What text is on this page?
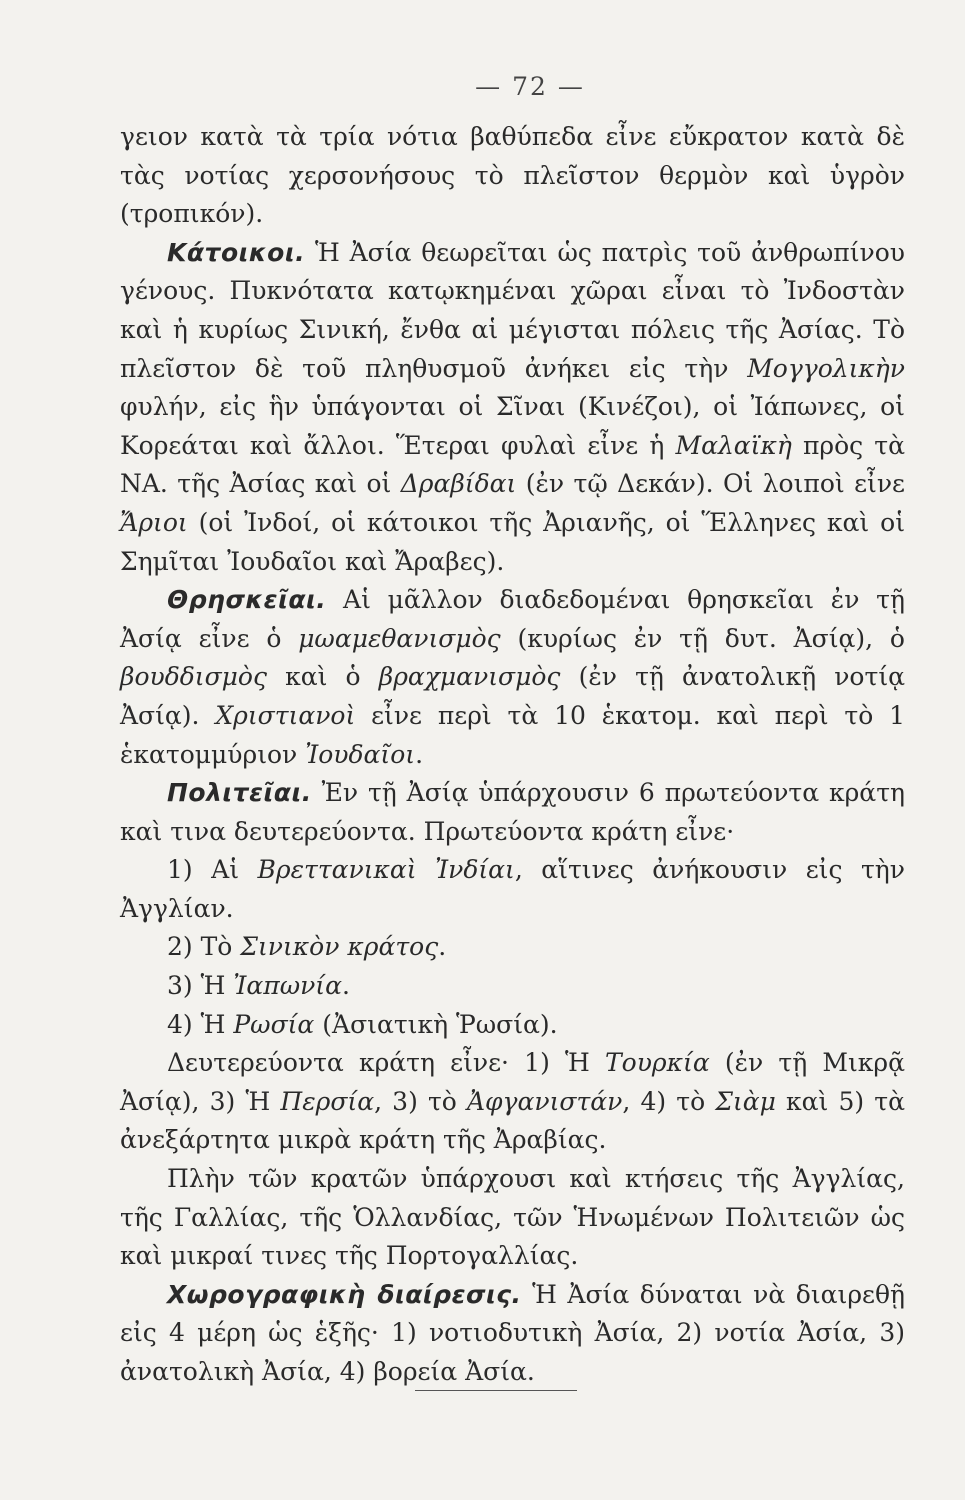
— 72 —

γειον κατὰ τὰ τρία νότια βαθύπεδα εἶνε εὔκρατον κατὰ δὲ τὰς νοτίας χερσονήσους τὸ πλεῖστον θερμὸν καὶ ὑγρὸν (τροπικόν).

Κάτοικοι. Ἡ Ἀσία θεωρεῖται ὡς πατρὶς τοῦ ἀνθρωπίνου γένους. Πυκνότατα κατῳκημέναι χῶραι εἶναι τὸ Ἰνδοστὰν καὶ ἡ κυρίως Σινική, ἔνθα αἱ μέγισται πόλεις τῆς Ἀσίας. Τὸ πλεῖστον δὲ τοῦ πληθυσμοῦ ἀνήκει εἰς τὴν Μογγολικὴν φυλήν, εἰς ἣν ὑπάγονται οἱ Σῖναι (Κινέζοι), οἱ Ἰάπωνες, οἱ Κορεάται καὶ ἄλλοι. Ἕτεραι φυλαὶ εἶνε ἡ Μαλαϊκὴ πρὸς τὰ ΝΑ. τῆς Ἀσίας καὶ οἱ Δραβίδαι (ἐν τῷ Δεκάν). Οἱ λοιποὶ εἶνε Ἄριοι (οἱ Ἰνδοί, οἱ κάτοικοι τῆς Ἀριανῆς, οἱ Ἕλληνες καὶ οἱ Σημῖται Ἰουδαῖοι καὶ Ἄραβες).

Θρησκεῖαι. Αἱ μᾶλλον διαδεδομέναι θρησκεῖαι ἐν τῇ Ἀσίᾳ εἶνε ὁ μωαμεθανισμὸς (κυρίως ἐν τῇ δυτ. Ἀσίᾳ), ὁ βουδδισμὸς καὶ ὁ βραχμανισμὸς (ἐν τῇ ἀνατολικῇ νοτίᾳ Ἀσίᾳ). Χριστιανοὶ εἶνε περὶ τὰ 10 ἑκατομ. καὶ περὶ τὸ 1 ἑκατομμύριον Ἰουδαῖοι.

Πολιτεῖαι. Ἐν τῇ Ἀσίᾳ ὑπάρχουσιν 6 πρωτεύοντα κράτη καὶ τινα δευτερεύοντα. Πρωτεύοντα κράτη εἶνε·

1) Αἱ Βρεττανικαὶ Ἰνδίαι, αἵτινες ἀνήκουσιν εἰς τὴν Ἀγγλίαν.

2) Τὸ Σινικὸν κράτος.

3) Ἡ Ἰαπωνία.

4) Ἡ Ρωσία (Ἀσιατικὴ Ῥωσία).

Δευτερεύοντα κράτη εἶνε· 1) Ἡ Τουρκία (ἐν τῇ Μικρᾷ Ἀσίᾳ), 3) Ἡ Περσία, 3) τὸ Ἀφγανιστάν, 4) τὸ Σιὰμ καὶ 5) τὰ ἀνεξάρτητα μικρὰ κράτη τῆς Ἀραβίας.

Πλὴν τῶν κρατῶν ὑπάρχουσι καὶ κτήσεις τῆς Ἀγγλίας, τῆς Γαλλίας, τῆς Ὁλλανδίας, τῶν Ἡνωμένων Πολιτειῶν ὡς καὶ μικραί τινες τῆς Πορτογαλλίας.

Χωρογραφικὴ διαίρεσις. Ἡ Ἀσία δύναται νὰ διαιρεθῇ εἰς 4 μέρη ὡς ἑξῆς· 1) νοτιοδυτικὴ Ἀσία, 2) νοτία Ἀσία, 3) ἀνατολικὴ Ἀσία, 4) βορεία Ἀσία.
